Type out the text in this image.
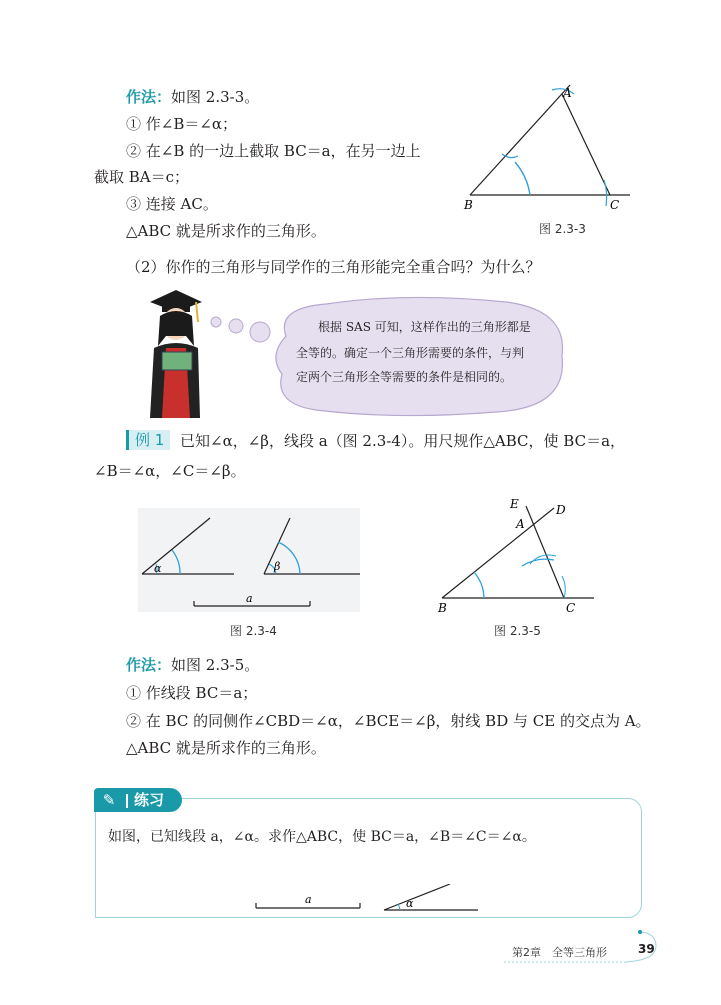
作法：如图 2.3-3。
① 作∠B＝∠α；
② 在∠B 的一边上截取 BC＝a，在另一边上
截取 BA＝c；
③ 连接 AC。
△ABC 就是所求作的三角形。
A
B	C
图 2.3-3
（2）你作的三角形与同学作的三角形能完全重合吗？为什么？
根据 SAS 可知，这样作出的三角形都是
全等的。确定一个三角形需要的条件，与判
定两个三角形全等需要的条件是相同的。
例 1	已知∠α，∠β，线段 a（图 2.3-4）。用尺规作△ABC，使 BC＝a，
∠B＝∠α，∠C＝∠β。
α	β
a
图 2.3-4
E	D
A
B	C
图 2.3-5
作法：如图 2.3-5。
① 作线段 BC＝a；
② 在 BC 的同侧作∠CBD＝∠α，∠BCE＝∠β，射线 BD 与 CE 的交点为 A。
△ABC 就是所求作的三角形。
✎ 练习
如图，已知线段 a，∠α。求作△ABC，使 BC＝a，∠B＝∠C＝∠α。
a	α
第2章　全等三角形	39
